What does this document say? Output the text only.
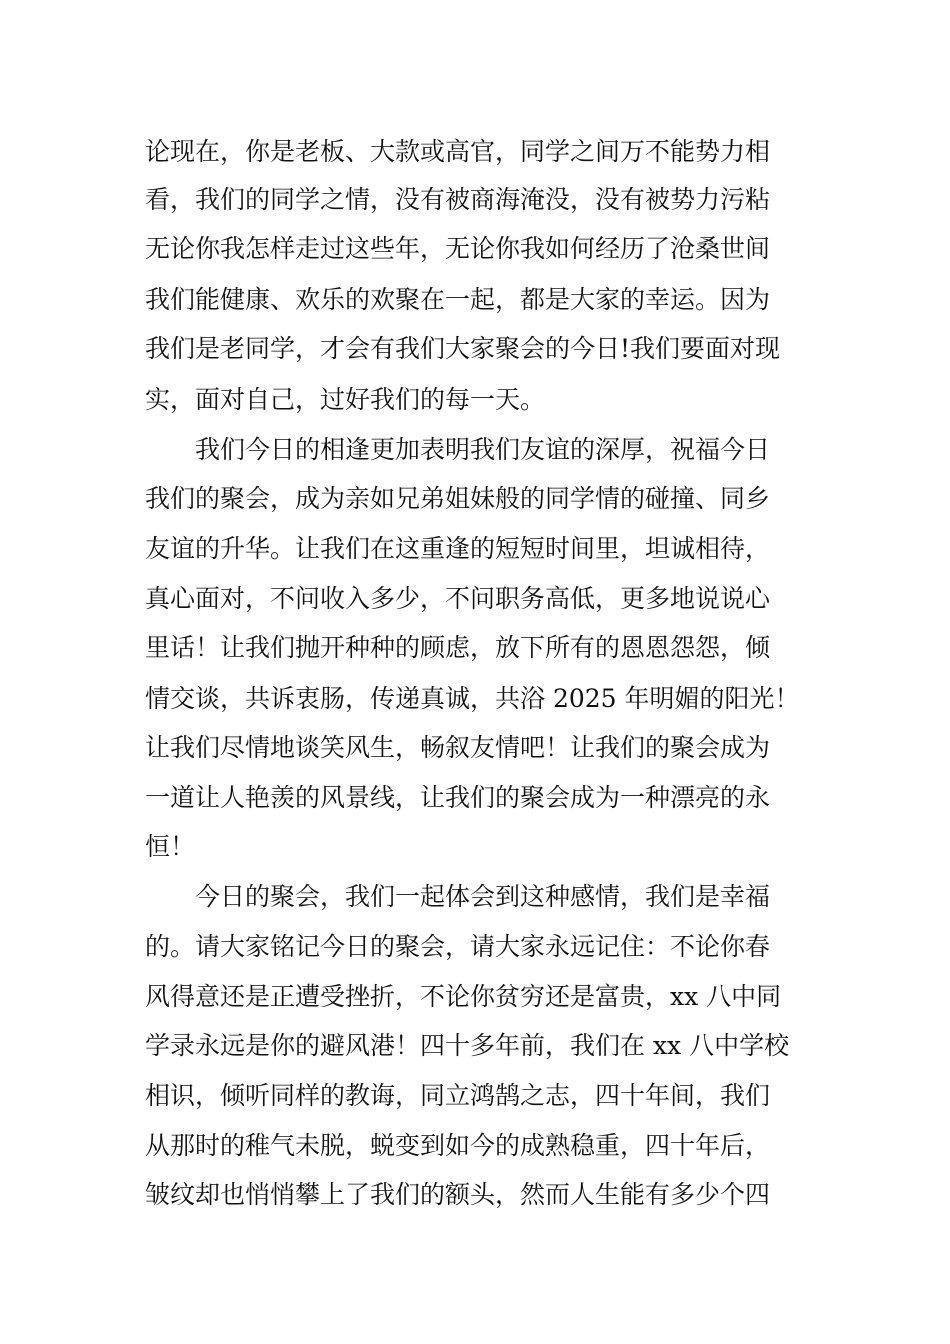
论现在，你是老板、大款或高官，同学之间万不能势力相
看，我们的同学之情，没有被商海淹没，没有被势力污粘
无论你我怎样走过这些年，无论你我如何经历了沧桑世间
我们能健康、欢乐的欢聚在一起，都是大家的幸运。因为
我们是老同学，才会有我们大家聚会的今日!我们要面对现
实，面对自己，过好我们的每一天。
我们今日的相逢更加表明我们友谊的深厚，祝福今日
我们的聚会，成为亲如兄弟姐妹般的同学情的碰撞、同乡
友谊的升华。让我们在这重逢的短短时间里，坦诚相待，
真心面对，不问收入多少，不问职务高低，更多地说说心
里话！让我们抛开种种的顾虑，放下所有的恩恩怨怨，倾
情交谈，共诉衷肠，传递真诚，共浴 2025 年明媚的阳光！
让我们尽情地谈笑风生，畅叙友情吧！让我们的聚会成为
一道让人艳羡的风景线，让我们的聚会成为一种漂亮的永
恒！
今日的聚会，我们一起体会到这种感情，我们是幸福
的。请大家铭记今日的聚会，请大家永远记住：不论你春
风得意还是正遭受挫折，不论你贫穷还是富贵，xx 八中同
学录永远是你的避风港！四十多年前，我们在 xx 八中学校
相识，倾听同样的教诲，同立鸿鹄之志，四十年间，我们
从那时的稚气未脱，蜕变到如今的成熟稳重，四十年后，
皱纹却也悄悄攀上了我们的额头，然而人生能有多少个四
